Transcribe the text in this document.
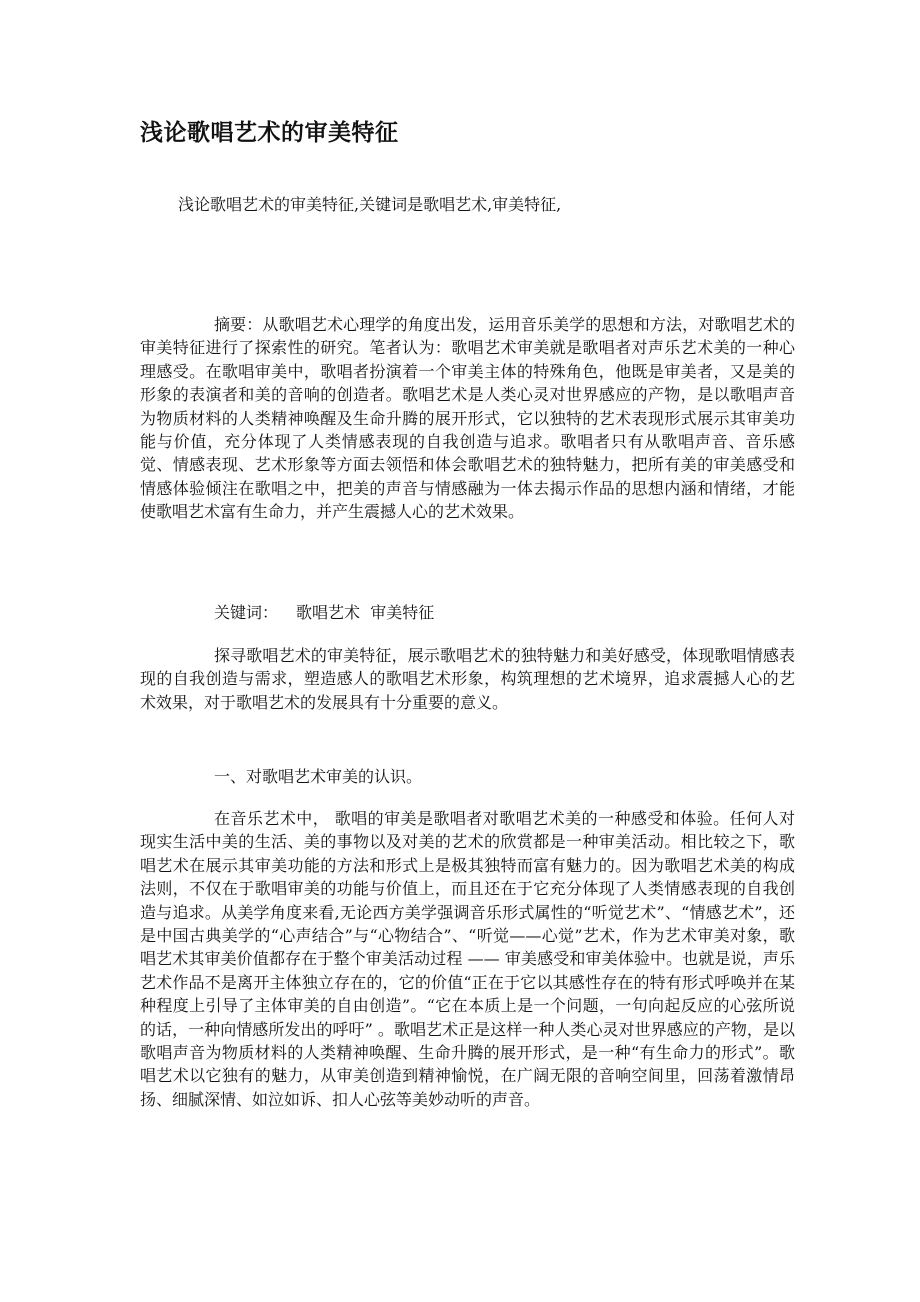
浅论歌唱艺术的审美特征

浅论歌唱艺术的审美特征,关键词是歌唱艺术,审美特征,

摘要：从歌唱艺术心理学的角度出发，运用音乐美学的思想和方法，对歌唱艺术的审美特征进行了探索性的研究。笔者认为：歌唱艺术审美就是歌唱者对声乐艺术美的一种心理感受。在歌唱审美中，歌唱者扮演着一个审美主体的特殊角色，他既是审美者，又是美的形象的表演者和美的音响的创造者。歌唱艺术是人类心灵对世界感应的产物，是以歌唱声音为物质材料的人类精神唤醒及生命升腾的展开形式，它以独特的艺术表现形式展示其审美功能与价值，充分体现了人类情感表现的自我创造与追求。歌唱者只有从歌唱声音、音乐感觉、情感表现、艺术形象等方面去领悟和体会歌唱艺术的独特魅力，把所有美的审美感受和情感体验倾注在歌唱之中，把美的声音与情感融为一体去揭示作品的思想内涵和情绪，才能使歌唱艺术富有生命力，并产生震撼人心的艺术效果。

关键词： 歌唱艺术 审美特征

探寻歌唱艺术的审美特征，展示歌唱艺术的独特魅力和美好感受，体现歌唱情感表现的自我创造与需求，塑造感人的歌唱艺术形象，构筑理想的艺术境界，追求震撼人心的艺术效果，对于歌唱艺术的发展具有十分重要的意义。

一、对歌唱艺术审美的认识。

在音乐艺术中， 歌唱的审美是歌唱者对歌唱艺术美的一种感受和体验。任何人对现实生活中美的生活、美的事物以及对美的艺术的欣赏都是一种审美活动。相比较之下，歌唱艺术在展示其审美功能的方法和形式上是极其独特而富有魅力的。因为歌唱艺术美的构成法则，不仅在于歌唱审美的功能与价值上，而且还在于它充分体现了人类情感表现的自我创造与追求。从美学角度来看,无论西方美学强调音乐形式属性的“听觉艺术”、“情感艺术”，还是中国古典美学的“心声结合”与“心物结合”、“听觉——心觉”艺术，作为艺术审美对象，歌唱艺术其审美价值都存在于整个审美活动过程 —— 审美感受和审美体验中。也就是说，声乐艺术作品不是离开主体独立存在的，它的价值“正在于它以其感性存在的特有形式呼唤并在某种程度上引导了主体审美的自由创造”。“它在本质上是一个问题，一句向起反应的心弦所说的话，一种向情感所发出的呼吁” 。歌唱艺术正是这样一种人类心灵对世界感应的产物，是以歌唱声音为物质材料的人类精神唤醒、生命升腾的展开形式，是一种“有生命力的形式”。歌唱艺术以它独有的魅力，从审美创造到精神愉悦，在广阔无限的音响空间里，回荡着激情昂扬、细腻深情、如泣如诉、扣人心弦等美妙动听的声音。
